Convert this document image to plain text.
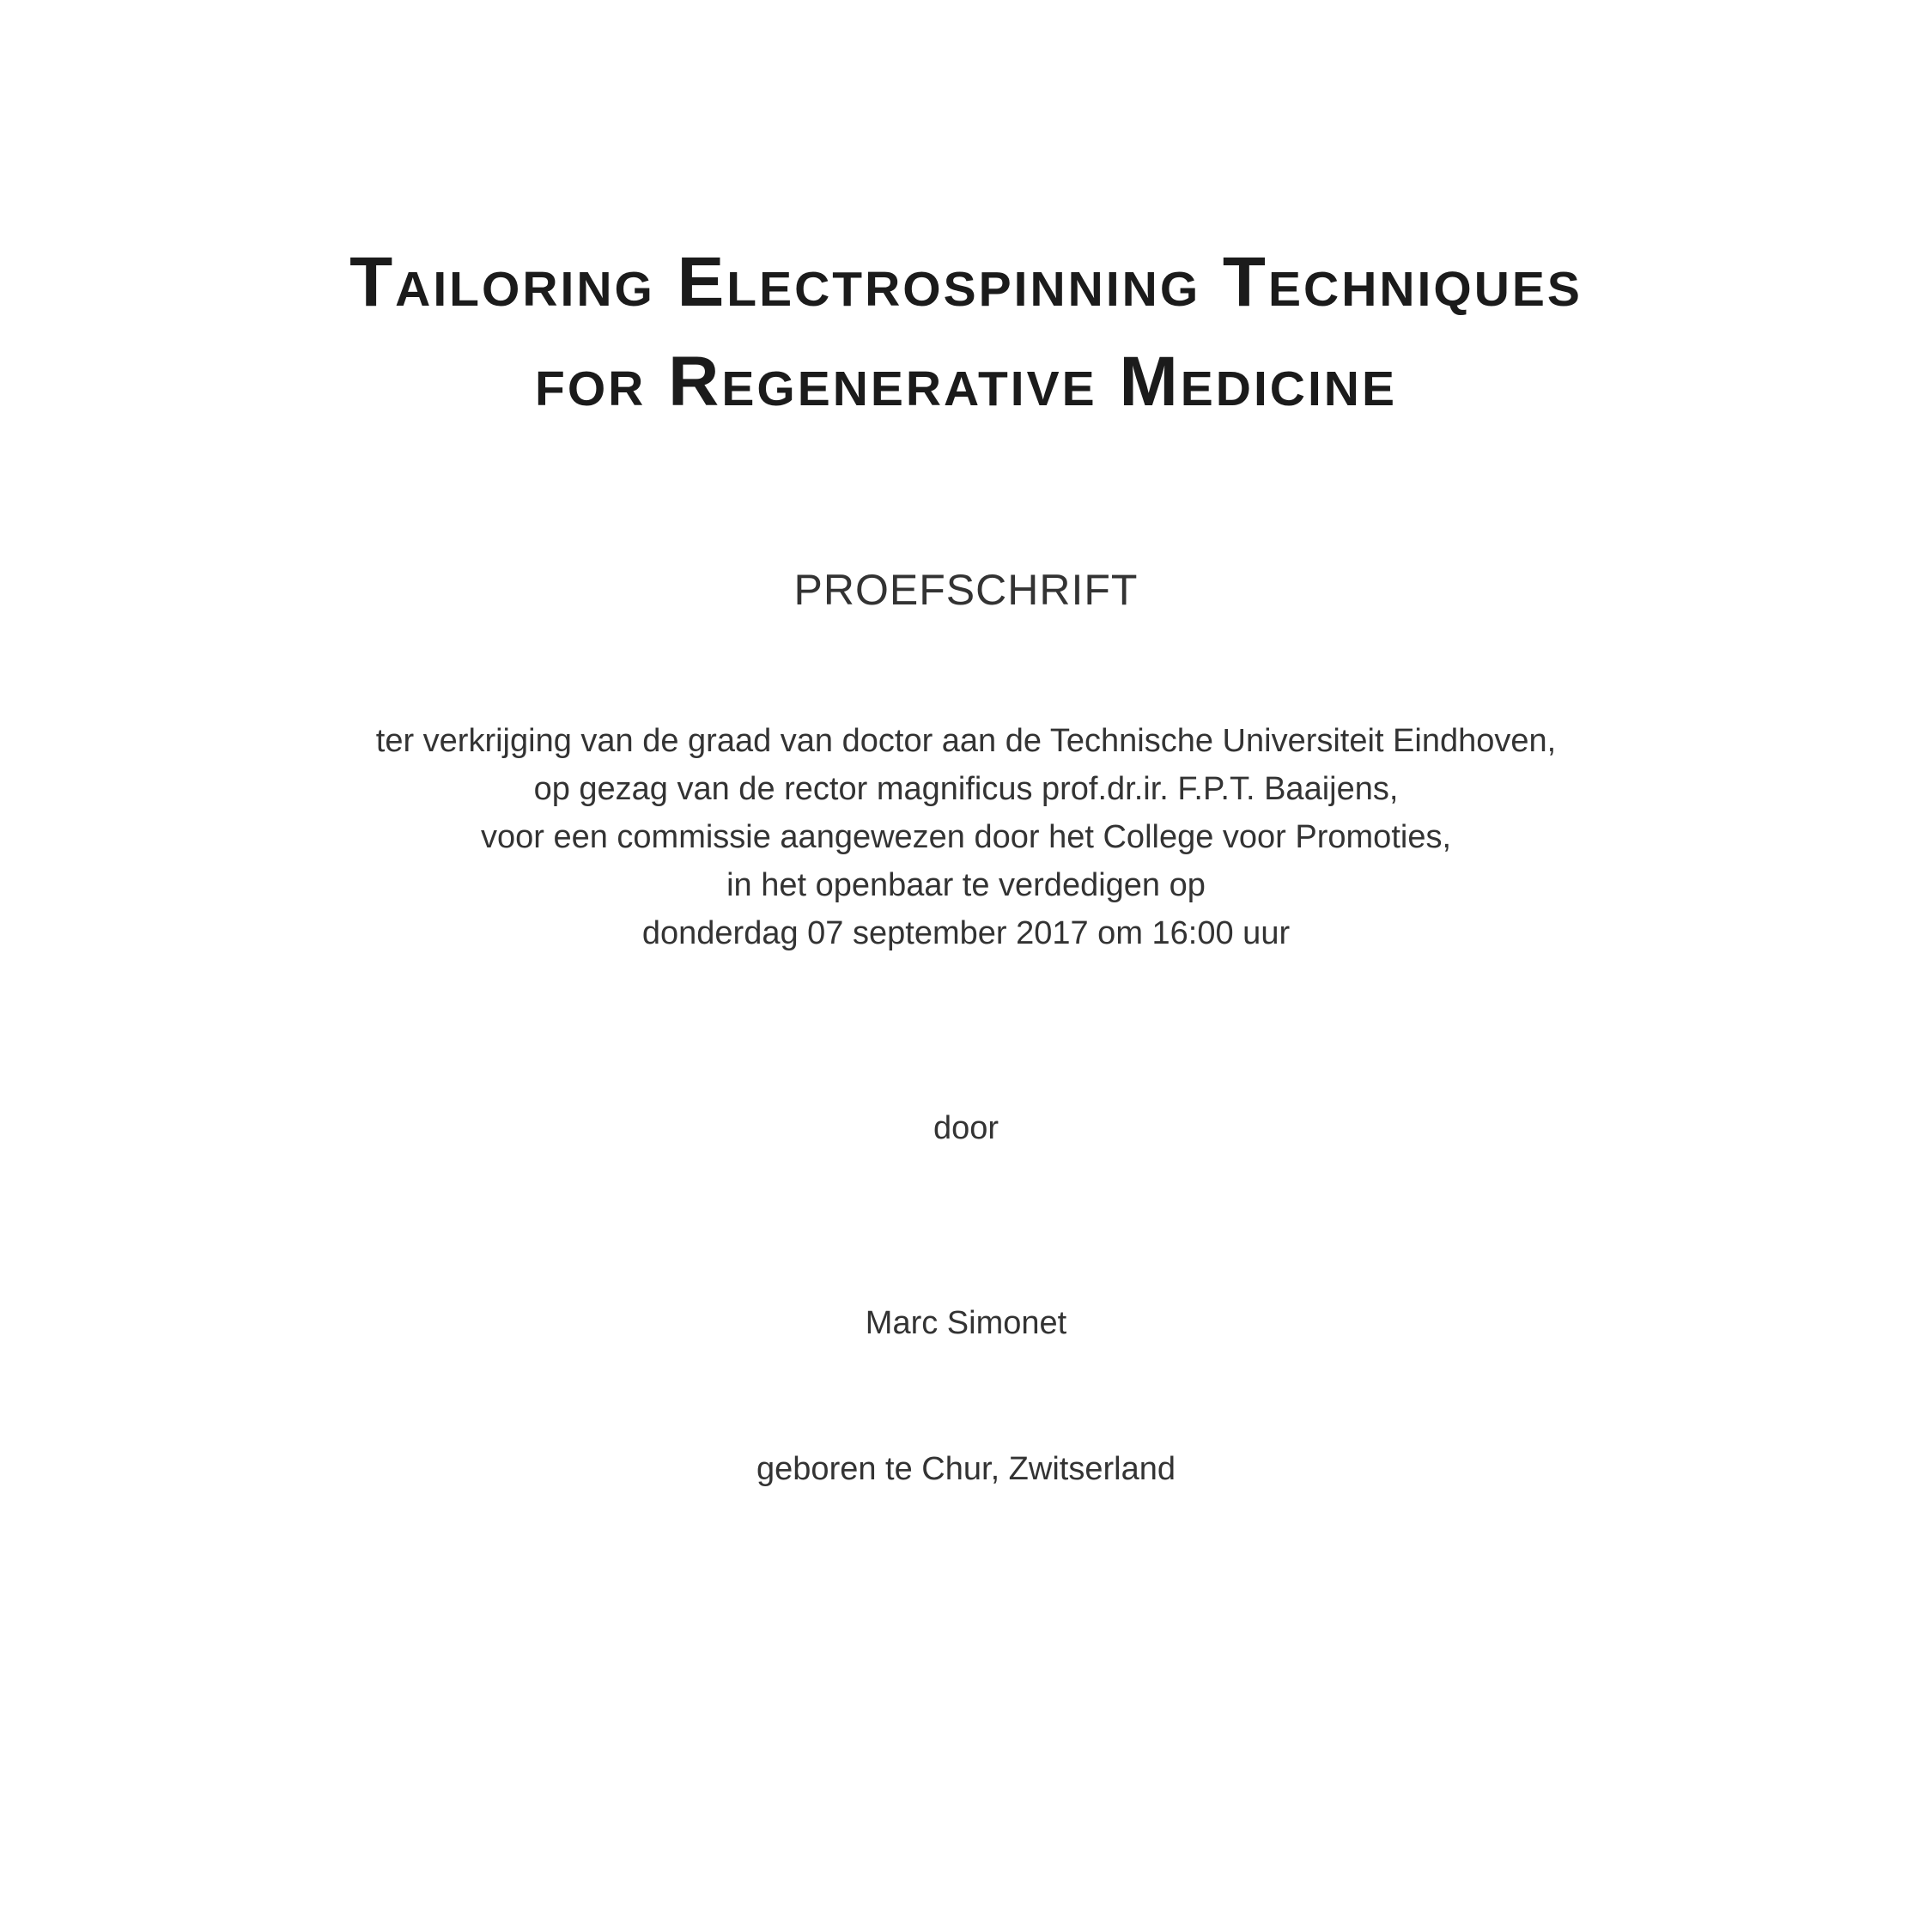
Tailoring Electrospinning Techniques
for Regenerative Medicine
PROEFSCHRIFT
ter verkrijging van de graad van doctor aan de Technische Universiteit Eindhoven,
op gezag van de rector magnificus prof.dr.ir. F.P.T. Baaijens,
voor een commissie aangewezen door het College voor Promoties,
in het openbaar te verdedigen op
donderdag 07 september 2017 om 16:00 uur
door
Marc Simonet
geboren te Chur, Zwitserland
